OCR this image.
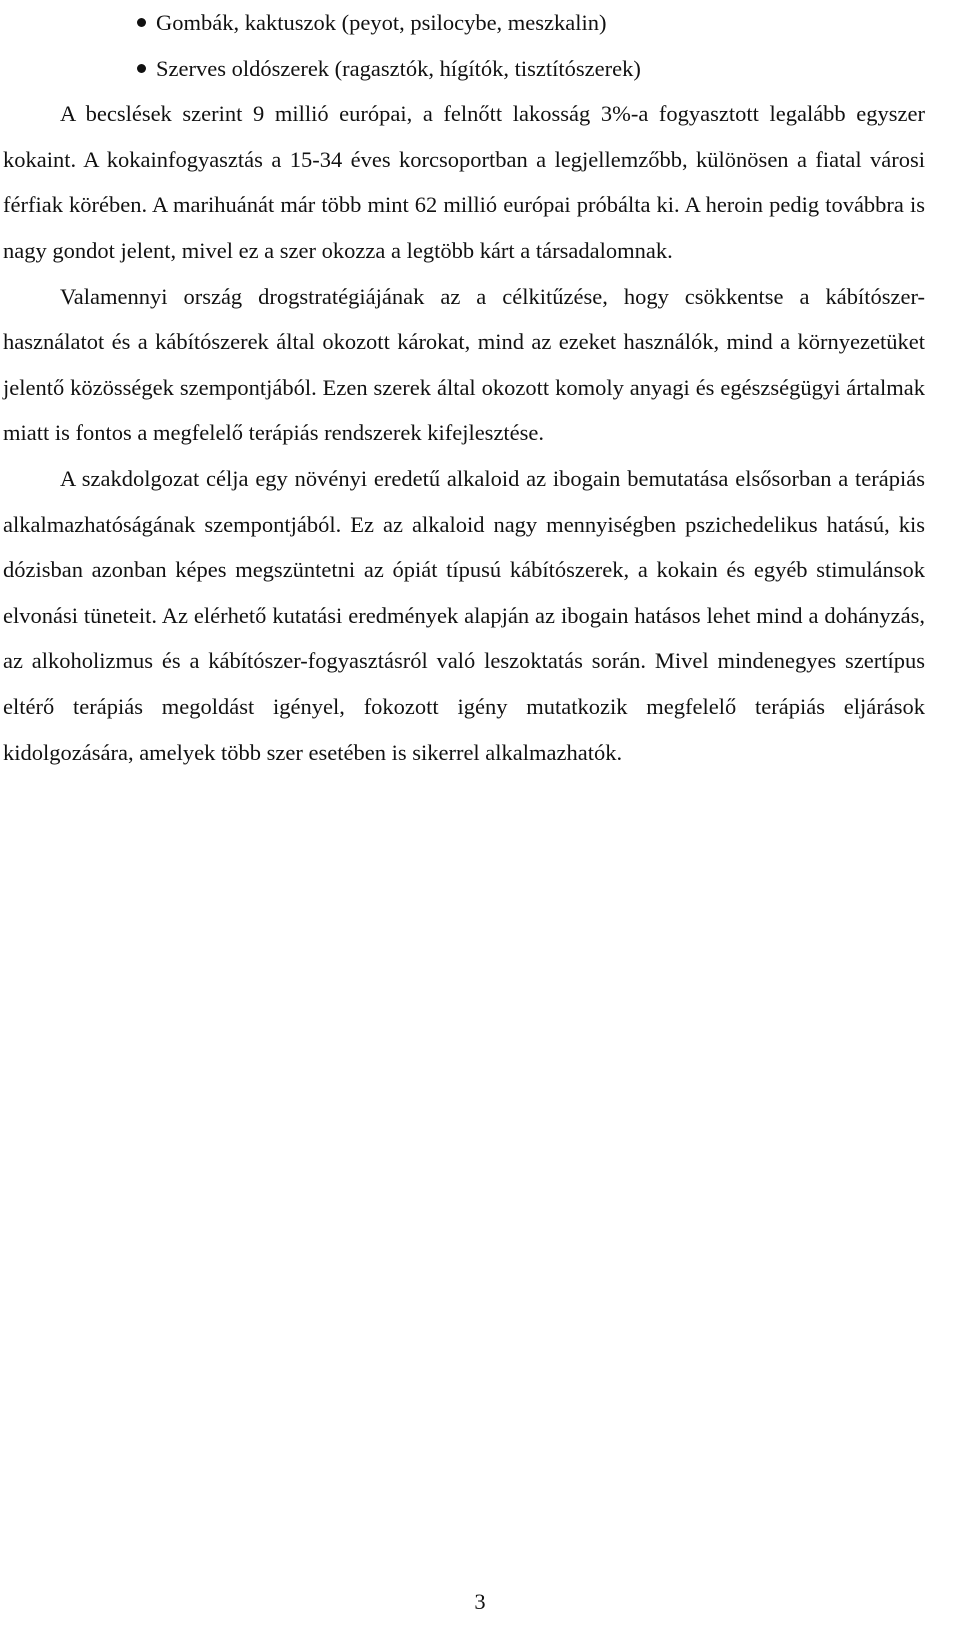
Gombák, kaktuszok (peyot, psilocybe, meszkalin)
Szerves oldószerek (ragasztók, hígítók, tisztítószerek)

A becslések szerint 9 millió európai, a felnőtt lakosság 3%-a fogyasztott legalább egyszer kokaint. A kokainfogyasztás a 15-34 éves korcsoportban a legjellemzőbb, különösen a fiatal városi férfiak körében. A marihuánát már több mint 62 millió európai próbálta ki. A heroin pedig továbbra is nagy gondot jelent, mivel ez a szer okozza a legtöbb kárt a társadalomnak.

Valamennyi ország drogstratégiájának az a célkitűzése, hogy csökkentse a kábítószer-használatot és a kábítószerek által okozott károkat, mind az ezeket használók, mind a környezetüket jelentő közösségek szempontjából. Ezen szerek által okozott komoly anyagi és egészségügyi ártalmak miatt is fontos a megfelelő terápiás rendszerek kifejlesztése.

A szakdolgozat célja egy növényi eredetű alkaloid az ibogain bemutatása elsősorban a terápiás alkalmazhatóságának szempontjából. Ez az alkaloid nagy mennyiségben pszichedelikus hatású, kis dózisban azonban képes megszüntetni az ópiát típusú kábítószerek, a kokain és egyéb stimulánsok elvonási tüneteit. Az elérhető kutatási eredmények alapján az ibogain hatásos lehet mind a dohányzás, az alkoholizmus és a kábítószer-fogyasztásról való leszoktatás során. Mivel mindenegyes szertípus eltérő terápiás megoldást igényel, fokozott igény mutatkozik megfelelő terápiás eljárások kidolgozására, amelyek több szer esetében is sikerrel alkalmazhatók.

3
